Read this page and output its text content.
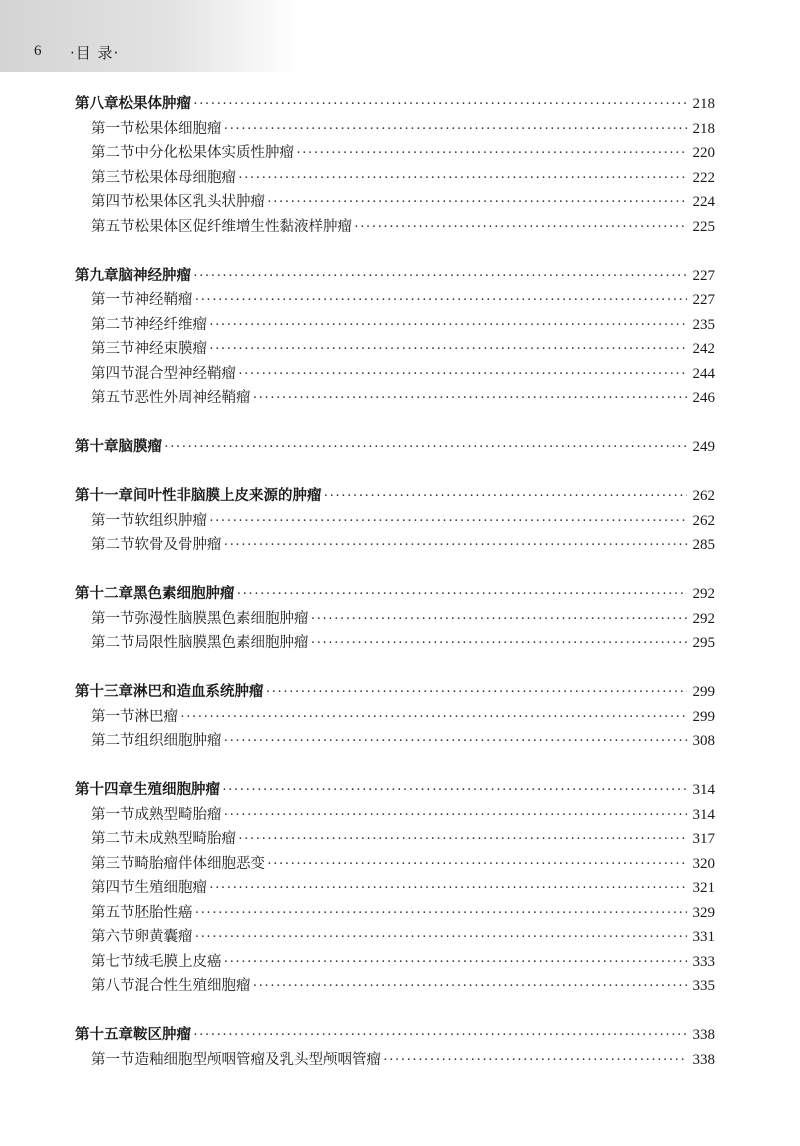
6 ·目 录·
第八章 松果体肿瘤 ·····	218
第一节 松果体细胞瘤 ·····	218
第二节 中分化松果体实质性肿瘤 ·····	220
第三节 松果体母细胞瘤 ·····	222
第四节 松果体区乳头状肿瘤 ·····	224
第五节 松果体区促纤维增生性黏液样肿瘤 ·····	225
第九章 脑神经肿瘤 ·····	227
第一节 神经鞘瘤 ·····	227
第二节 神经纤维瘤 ·····	235
第三节 神经束膜瘤 ·····	242
第四节 混合型神经鞘瘤 ·····	244
第五节 恶性外周神经鞘瘤 ·····	246
第十章 脑膜瘤 ·····	249
第十一章 间叶性非脑膜上皮来源的肿瘤 ·····	262
第一节 软组织肿瘤 ·····	262
第二节 软骨及骨肿瘤 ·····	285
第十二章 黑色素细胞肿瘤 ·····	292
第一节 弥漫性脑膜黑色素细胞肿瘤 ·····	292
第二节 局限性脑膜黑色素细胞肿瘤 ·····	295
第十三章 淋巴和造血系统肿瘤 ·····	299
第一节 淋巴瘤 ·····	299
第二节 组织细胞肿瘤 ·····	308
第十四章 生殖细胞肿瘤 ·····	314
第一节 成熟型畸胎瘤 ·····	314
第二节 未成熟型畸胎瘤 ·····	317
第三节 畸胎瘤伴体细胞恶变 ·····	320
第四节 生殖细胞瘤 ·····	321
第五节 胚胎性癌 ·····	329
第六节 卵黄囊瘤 ·····	331
第七节 绒毛膜上皮癌 ·····	333
第八节 混合性生殖细胞瘤 ·····	335
第十五章 鞍区肿瘤 ·····	338
第一节 造釉细胞型颅咽管瘤及乳头型颅咽管瘤 ·····	338
